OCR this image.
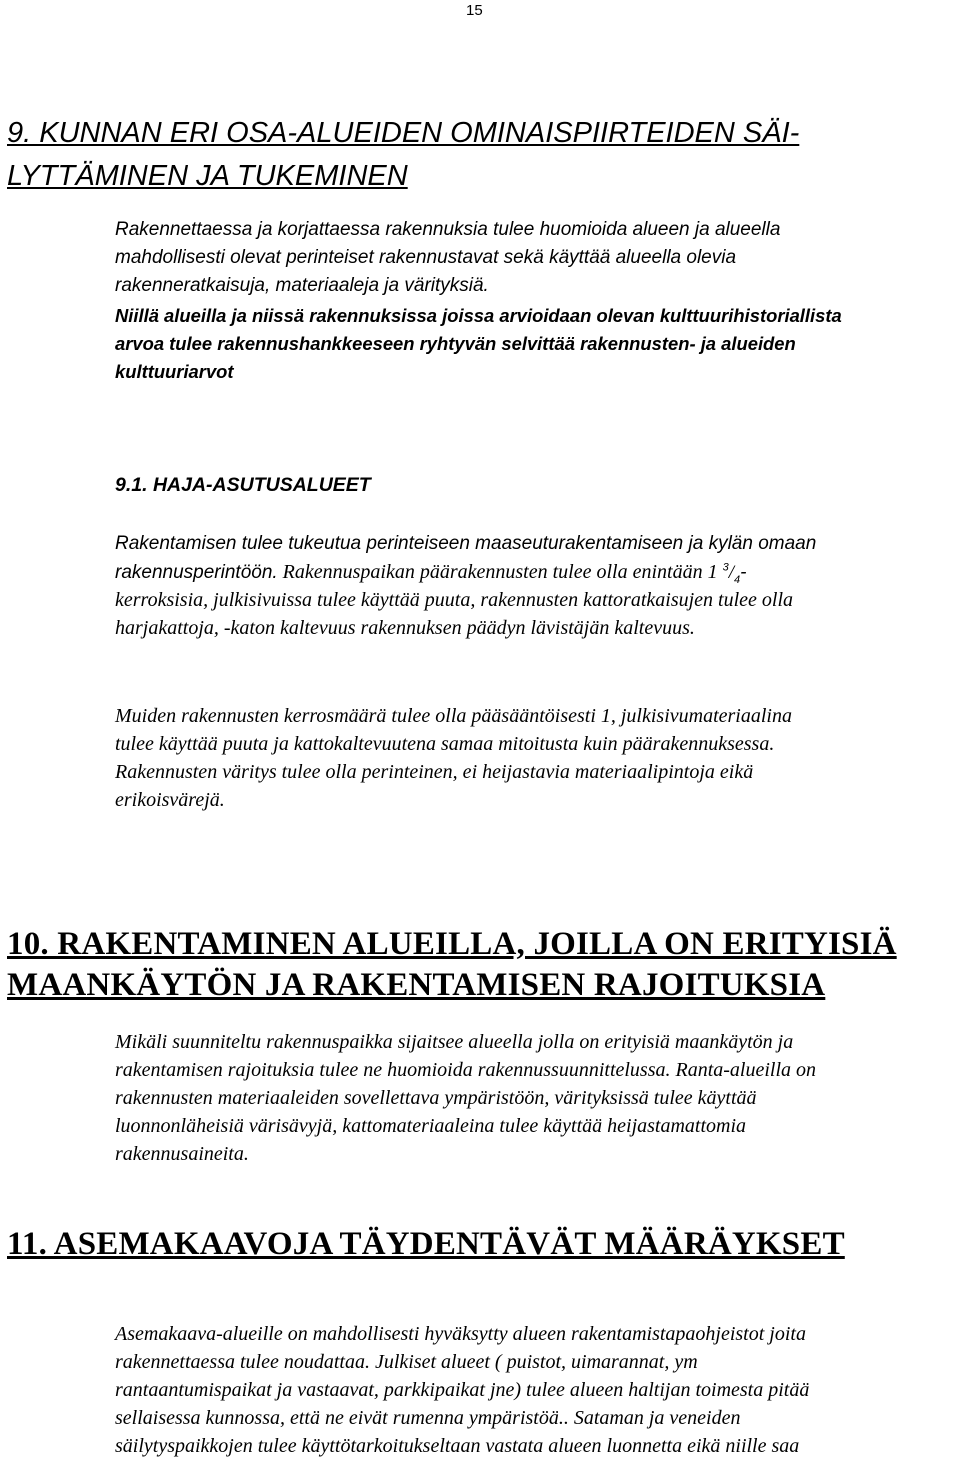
15
9. KUNNAN ERI OSA-ALUEIDEN OMINAISPIIRTEIDEN SÄI-
LYTTÄMINEN JA TUKEMINEN
Rakennettaessa ja korjattaessa rakennuksia tulee huomioida alueen ja alueella
mahdollisesti olevat perinteiset rakennustavat sekä käyttää alueella olevia
rakenneratkaisuja, materiaaleja ja värityksiä.
Niillä alueilla ja niissä rakennuksissa joissa arvioidaan olevan kulttuurihistoriallista
arvoa tulee rakennushankkeeseen ryhtyvän selvittää rakennusten- ja alueiden
kulttuuriarvot
9.1. HAJA-ASUTUSALUEET
Rakentamisen tulee tukeutua perinteiseen maaseuturakentamiseen ja kylän omaan
rakennusperintöön. Rakennuspaikan päärakennusten tulee olla enintään 1 $^3/_4-$
kerroksisia, julkisivuissa tulee käyttää puuta, rakennusten kattoratkaisujen tulee olla
harjakattoja, -katon kaltevuus rakennuksen päädyn lävistäjän kaltevuus.
Muiden rakennusten kerrosmäärä tulee olla pääsääntöisesti 1, julkisivumateriaalina
tulee käyttää puuta ja kattokaltevuutena samaa mitoitusta kuin päärakennuksessa.
Rakennusten väritys tulee olla perinteinen, ei heijastavia materiaalipintoja eikä
erikoisvärejä.
10. RAKENTAMINEN ALUEILLA, JOILLA ON ERITYISIÄ
MAANKÄYTÖN JA RAKENTAMISEN RAJOITUKSIA
Mikäli suunniteltu rakennuspaikka sijaitsee alueella jolla on erityisiä maankäytön ja
rakentamisen rajoituksia tulee ne huomioida rakennussuunnittelussa. Ranta-alueilla on
rakennusten materiaaleiden sovellettava ympäristöön, värityksissä tulee käyttää
luonnonläheisiä värisävyjä, kattomateriaaleina tulee käyttää heijastamattomia
rakennusaineita.
11. ASEMAKAAVOJA TÄYDENTÄVÄT MÄÄRÄYKSET
Asemakaava-alueille on mahdollisesti hyväksytty alueen rakentamistapaohjeistot joita
rakennettaessa tulee noudattaa. Julkiset alueet ( puistot, uimarannat, ym
rantaantumispaikat ja vastaavat, parkkipaikat jne) tulee alueen haltijan toimesta pitää
sellaisessa kunnossa, että ne eivät rumenna ympäristöä.. Sataman ja veneiden
säilytyspaikkojen tulee käyttötarkoitukseltaan vastata alueen luonnetta eikä niille saa
